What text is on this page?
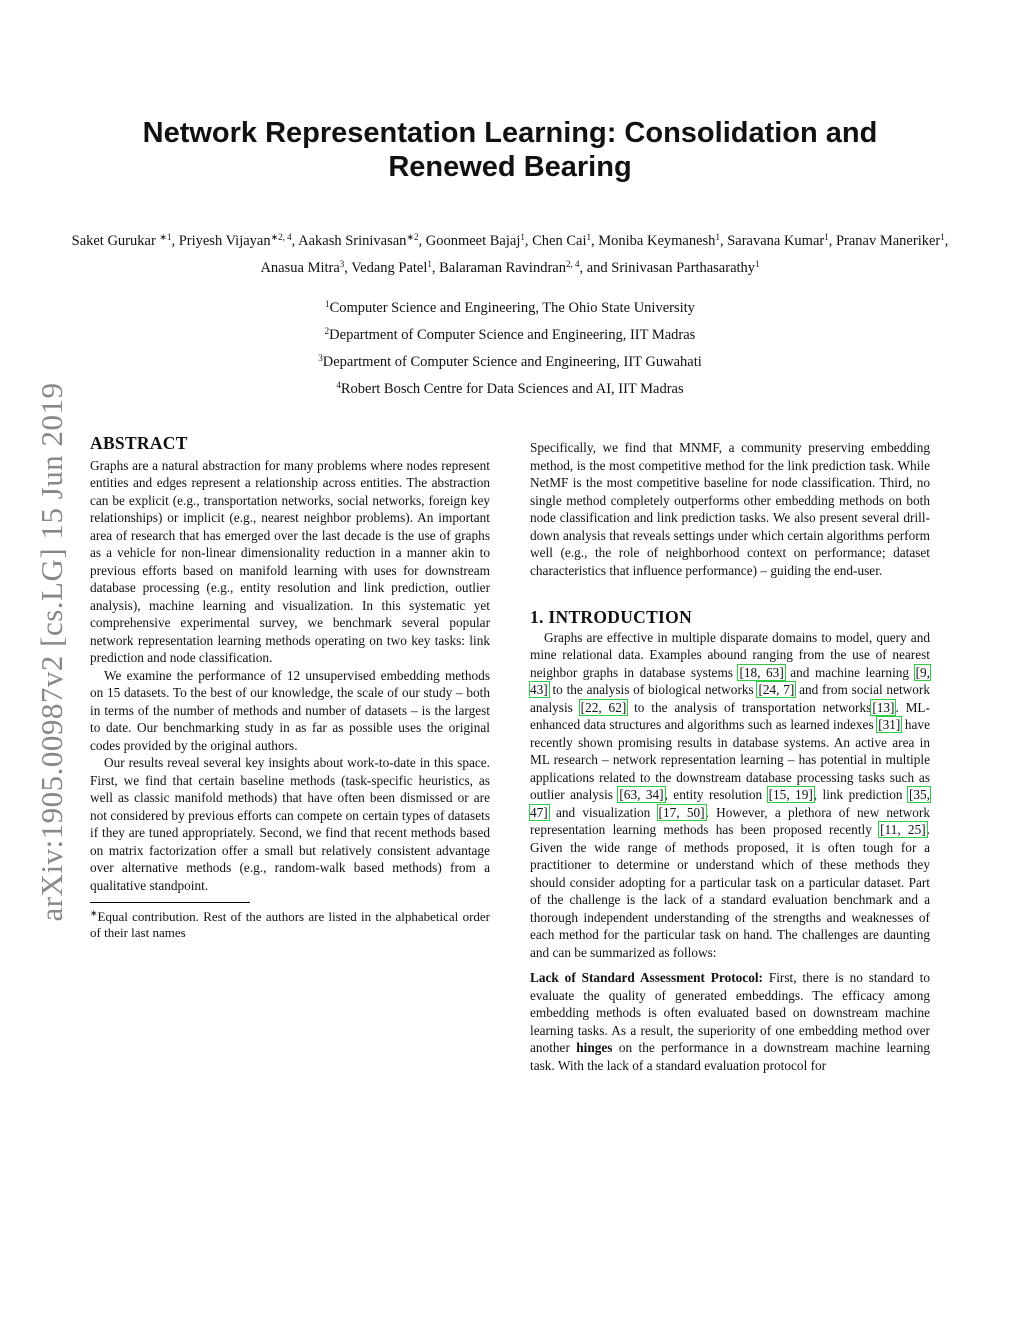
arXiv:1905.00987v2 [cs.LG] 15 Jun 2019
Network Representation Learning: Consolidation and Renewed Bearing
Saket Gurukar $^{∗1}$, Priyesh Vijayan$^{∗2, 4}$, Aakash Srinivasan$^{∗2}$, Goonmeet Bajaj$^1$, Chen Cai$^1$, Moniba Keymanesh$^1$, Saravana Kumar$^1$, Pranav Maneriker$^1$, Anasua Mitra$^3$, Vedang Patel$^1$, Balaraman Ravindran$^{2, 4}$, and Srinivasan Parthasarathy$^1$
$^1$Computer Science and Engineering, The Ohio State University
$^2$Department of Computer Science and Engineering, IIT Madras
$^3$Department of Computer Science and Engineering, IIT Guwahati
$^4$Robert Bosch Centre for Data Sciences and AI, IIT Madras
ABSTRACT

Graphs are a natural abstraction for many problems where nodes represent entities and edges represent a relationship across entities. The abstraction can be explicit (e.g., transportation networks, social networks, foreign key relationships) or implicit (e.g., nearest neighbor problems). An important area of research that has emerged over the last decade is the use of graphs as a vehicle for non-linear dimensionality reduction in a manner akin to previous efforts based on manifold learning with uses for downstream database processing (e.g., entity resolution and link prediction, outlier analysis), machine learning and visualization. In this systematic yet comprehensive experimental survey, we benchmark several popular network representation learning methods operating on two key tasks: link prediction and node classification.

We examine the performance of 12 unsupervised embedding methods on 15 datasets. To the best of our knowledge, the scale of our study – both in terms of the number of methods and number of datasets – is the largest to date. Our benchmarking study in as far as possible uses the original codes provided by the original authors.

Our results reveal several key insights about work-to-date in this space. First, we find that certain baseline methods (task-specific heuristics, as well as classic manifold methods) that have often been dismissed or are not considered by previous efforts can compete on certain types of datasets if they are tuned appropriately. Second, we find that recent methods based on matrix factorization offer a small but relatively consistent advantage over alternative methods (e.g., random-walk based methods) from a qualitative standpoint.

∗Equal contribution. Rest of the authors are listed in the alphabetical order of their last names

Specifically, we find that MNMF, a community preserving embedding method, is the most competitive method for the link prediction task. While NetMF is the most competitive baseline for node classification. Third, no single method completely outperforms other embedding methods on both node classification and link prediction tasks. We also present several drill-down analysis that reveals settings under which certain algorithms perform well (e.g., the role of neighborhood context on performance; dataset characteristics that influence performance) – guiding the end-user.

1. INTRODUCTION

Graphs are effective in multiple disparate domains to model, query and mine relational data. Examples abound ranging from the use of nearest neighbor graphs in database systems [18, 63] and machine learning [9, 43] to the analysis of biological networks [24, 7] and from social network analysis [22, 62] to the analysis of transportation networks[13]. ML-enhanced data structures and algorithms such as learned indexes [31] have recently shown promising results in database systems. An active area in ML research – network representation learning – has potential in multiple applications related to the downstream database processing tasks such as outlier analysis [63, 34], entity resolution [15, 19], link prediction [35, 47] and visualization [17, 50]. However, a plethora of new network representation learning methods has been proposed recently [11, 25]. Given the wide range of methods proposed, it is often tough for a practitioner to determine or understand which of these methods they should consider adopting for a particular task on a particular dataset. Part of the challenge is the lack of a standard evaluation benchmark and a thorough independent understanding of the strengths and weaknesses of each method for the particular task on hand. The challenges are daunting and can be summarized as follows:

Lack of Standard Assessment Protocol: First, there is no standard to evaluate the quality of generated embeddings. The efficacy among embedding methods is often evaluated based on downstream machine learning tasks. As a result, the superiority of one embedding method over another hinges on the performance in a downstream machine learning task. With the lack of a standard evaluation protocol for
